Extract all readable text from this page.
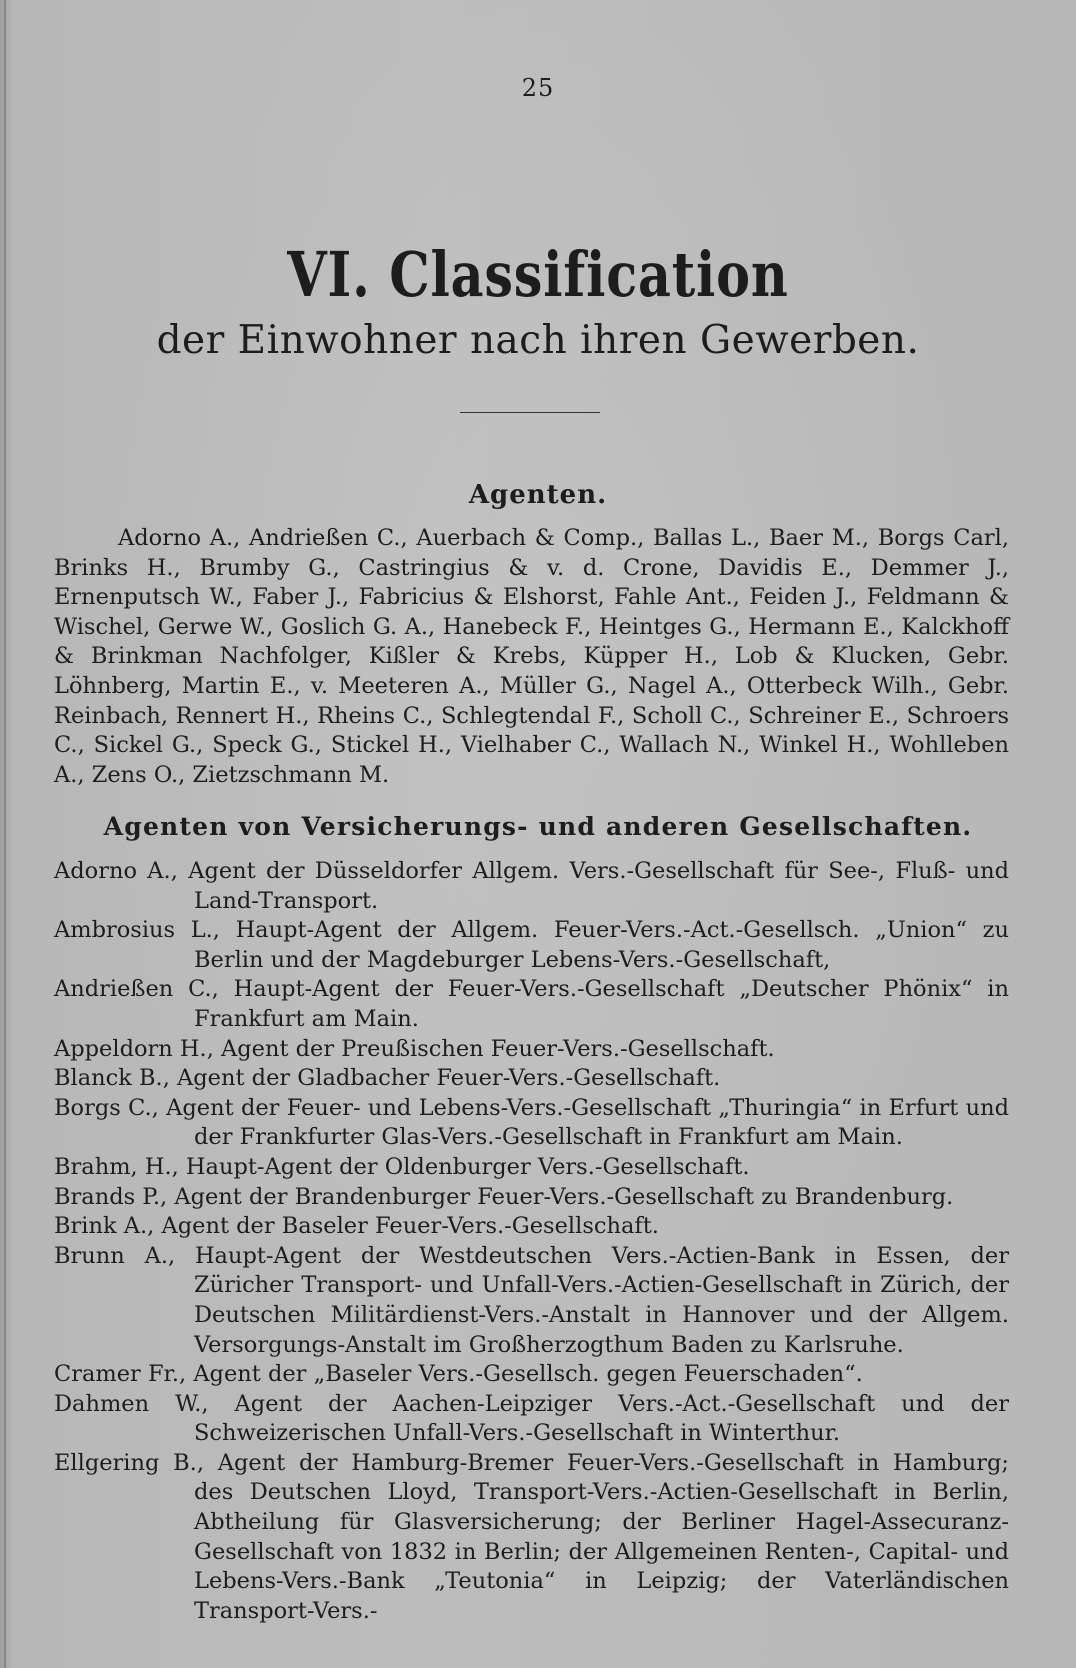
25
VI. Classification
der Einwohner nach ihren Gewerben.
Agenten.

Adorno A., Andrießen C., Auerbach & Comp., Ballas L., Baer M., Borgs Carl, Brinks H., Brumby G., Castringius & v. d. Crone, Davidis E., Demmer J., Ernenputsch W., Faber J., Fabricius & Elshorst, Fahle Ant., Feiden J., Feldmann & Wischel, Gerwe W., Goslich G. A., Hanebeck F., Heintges G., Hermann E., Kalckhoff & Brinkman Nachfolger, Kißler & Krebs, Küpper H., Lob & Klucken, Gebr. Löhnberg, Martin E., v. Meeteren A., Müller G., Nagel A., Otterbeck Wilh., Gebr. Reinbach, Rennert H., Rheins C., Schlegtendal F., Scholl C., Schreiner E., Schroers C., Sickel G., Speck G., Stickel H., Vielhaber C., Wallach N., Winkel H., Wohlleben A., Zens O., Zietzschmann M.

Agenten von Versicherungs- und anderen Gesellschaften.

Adorno A., Agent der Düsseldorfer Allgem. Vers.-Gesellschaft für See-, Fluß- und Land-Transport.

Ambrosius L., Haupt-Agent der Allgem. Feuer-Vers.-Act.-Gesellsch. „Union“ zu Berlin und der Magdeburger Lebens-Vers.-Gesellschaft,

Andrießen C., Haupt-Agent der Feuer-Vers.-Gesellschaft „Deutscher Phönix“ in Frankfurt am Main.

Appeldorn H., Agent der Preußischen Feuer-Vers.-Gesellschaft.

Blanck B., Agent der Gladbacher Feuer-Vers.-Gesellschaft.

Borgs C., Agent der Feuer- und Lebens-Vers.-Gesellschaft „Thuringia“ in Erfurt und der Frankfurter Glas-Vers.-Gesellschaft in Frankfurt am Main.

Brahm, H., Haupt-Agent der Oldenburger Vers.-Gesellschaft.

Brands P., Agent der Brandenburger Feuer-Vers.-Gesellschaft zu Brandenburg.

Brink A., Agent der Baseler Feuer-Vers.-Gesellschaft.

Brunn A., Haupt-Agent der Westdeutschen Vers.-Actien-Bank in Essen, der Züricher Transport- und Unfall-Vers.-Actien-Gesellschaft in Zürich, der Deutschen Militärdienst-Vers.-Anstalt in Hannover und der Allgem. Versorgungs-Anstalt im Großherzogthum Baden zu Karlsruhe.

Cramer Fr., Agent der „Baseler Vers.-Gesellsch. gegen Feuerschaden“.

Dahmen W., Agent der Aachen-Leipziger Vers.-Act.-Gesellschaft und der Schweizerischen Unfall-Vers.-Gesellschaft in Winterthur.

Ellgering B., Agent der Hamburg-Bremer Feuer-Vers.-Gesellschaft in Hamburg; des Deutschen Lloyd, Transport-Vers.-Actien-Gesellschaft in Berlin, Abtheilung für Glasversicherung; der Berliner Hagel-Assecuranz-Gesellschaft von 1832 in Berlin; der Allgemeinen Renten-, Capital- und Lebens-Vers.-Bank „Teutonia“ in Leipzig; der Vaterländischen Transport-Vers.-
